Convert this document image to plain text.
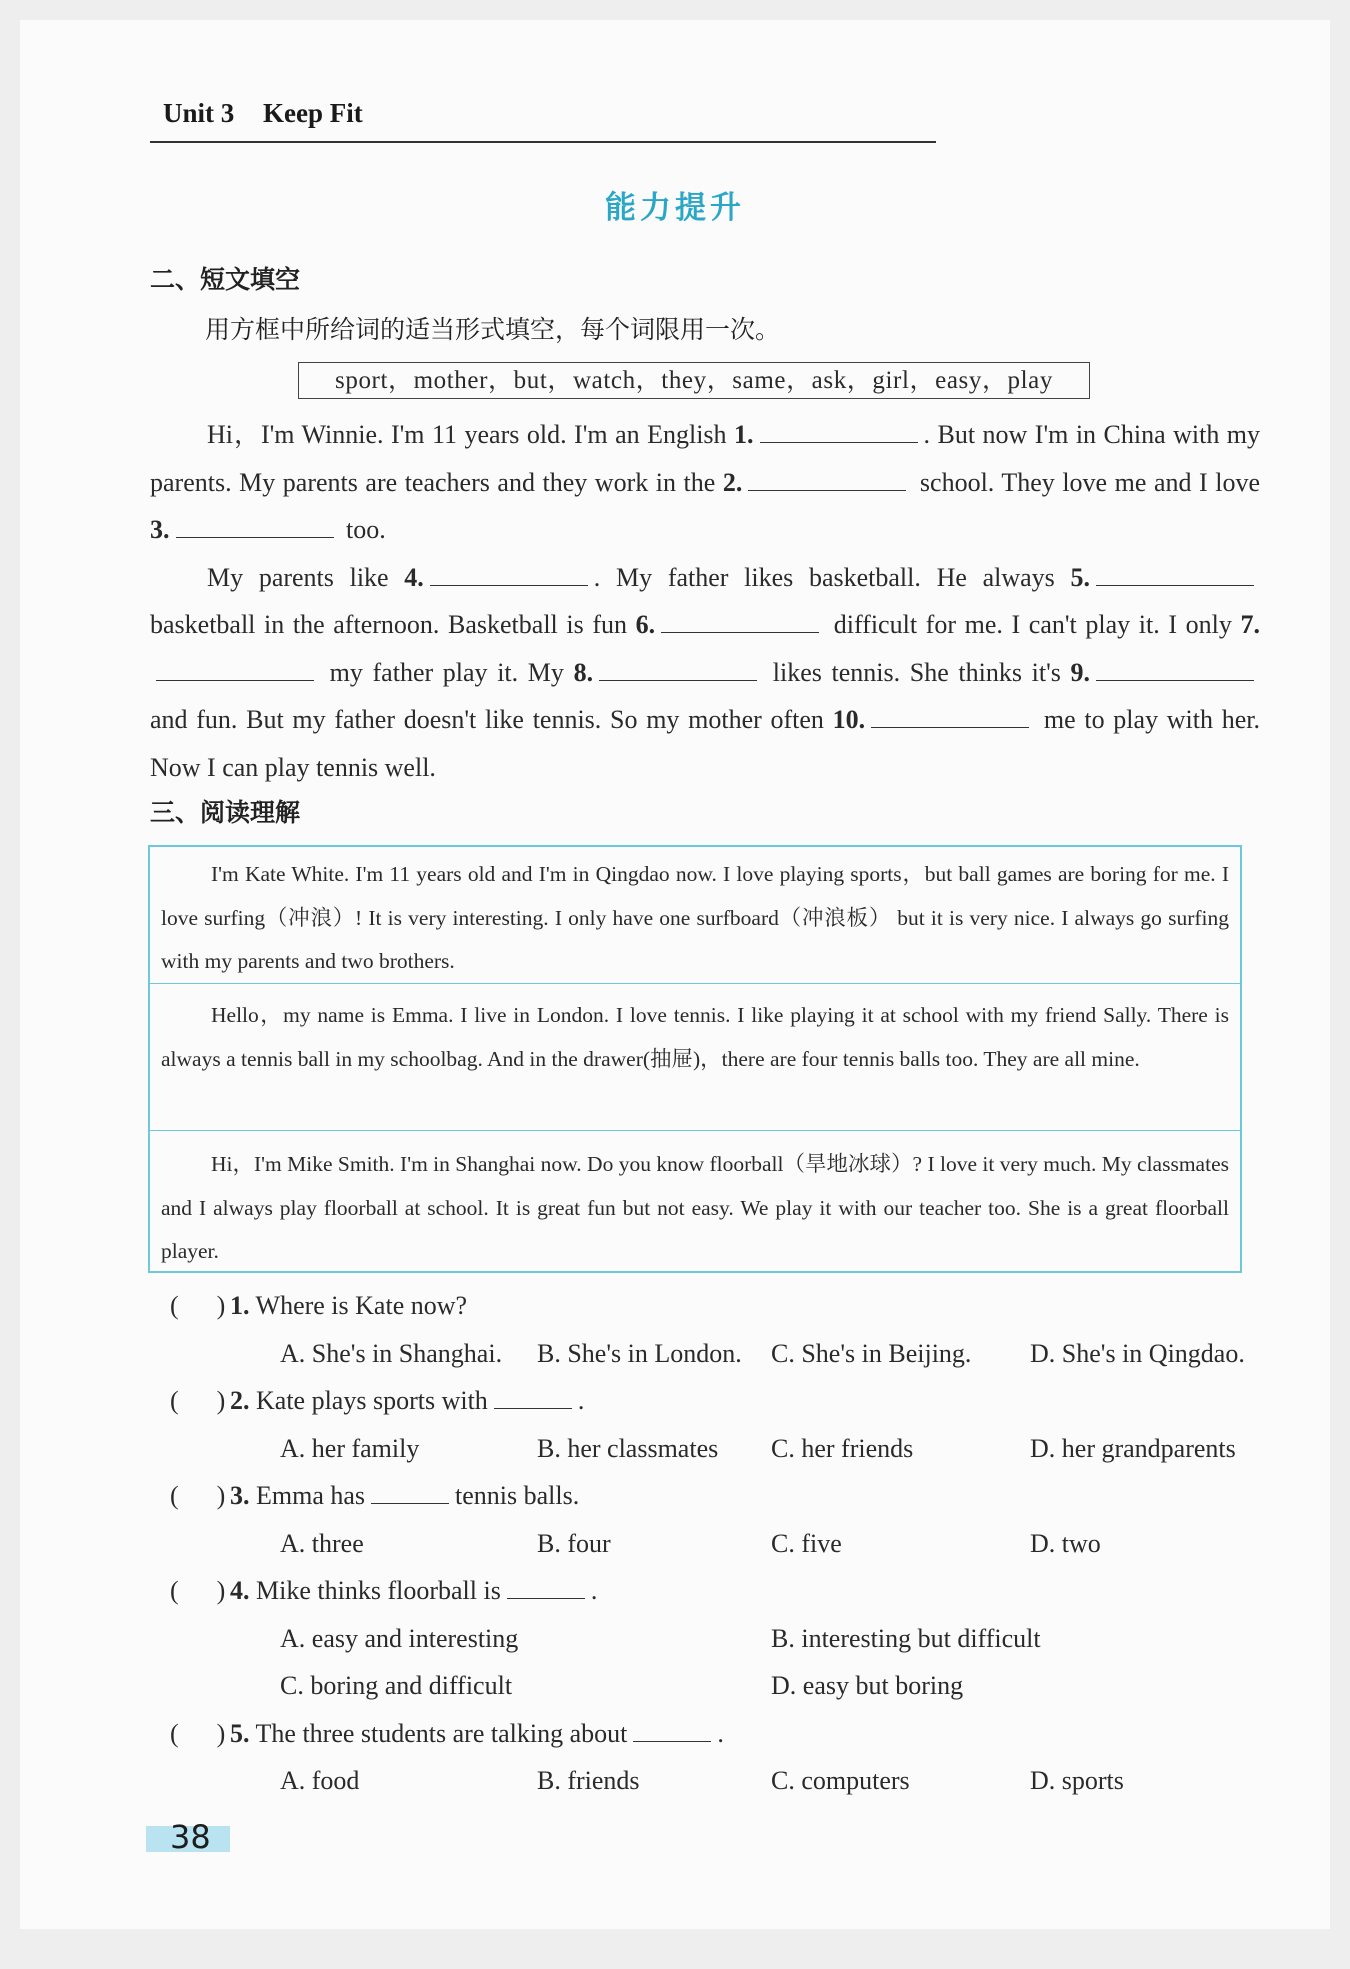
Unit 3 Keep Fit
能力提升
二、短文填空
用方框中所给词的适当形式填空，每个词限用一次。
sport，mother，but，watch，they，same，ask，girl，easy，play

Hi，I'm Winnie. I'm 11 years old. I'm an English 1.	. But now I'm in China with my parents. My parents are teachers and they work in the 2.	school. They love me and I love 3.	too.

My parents like 4.	. My father likes basketball. He always 5. basketball in the afternoon. Basketball is fun 6.	difficult for me. I can't play it. I only 7. my father play it. My 8.	likes tennis. She thinks it's 9. and fun. But my father doesn't like tennis. So my mother often 10.	me to play with her. Now I can play tennis well.

三、阅读理解
I'm Kate White. I'm 11 years old and I'm in Qingdao now. I love playing sports，but ball games are boring for me. I love surfing（冲浪）! It is very interesting. I only have one surfboard（冲浪板） but it is very nice. I always go surfing with my parents and two brothers.
Hello，my name is Emma. I live in London. I love tennis. I like playing it at school with my friend Sally. There is always a tennis ball in my schoolbag. And in the drawer(抽屉)，there are four tennis balls too. They are all mine.
Hi，I'm Mike Smith. I'm in Shanghai now. Do you know floorball（旱地冰球）? I love it very much. My classmates and I always play floorball at school. It is great fun but not easy. We play it with our teacher too. She is a great floorball player.
( ) 1. Where is Kate now?
A. She's in Shanghai. B. She's in London. C. She's in Beijing. D. She's in Qingdao.
( ) 2. Kate plays sports with	.
A. her family	B. her classmates C. her friends	D. her grandparents
( ) 3. Emma has	tennis balls.
A. three	B. four	C. five	D. two
( ) 4. Mike thinks floorball is	.
A. easy and interesting	B. interesting but difficult
C. boring and difficult	D. easy but boring
( ) 5. The three students are talking about	.
A. food	B. friends	C. computers	D. sports
38
